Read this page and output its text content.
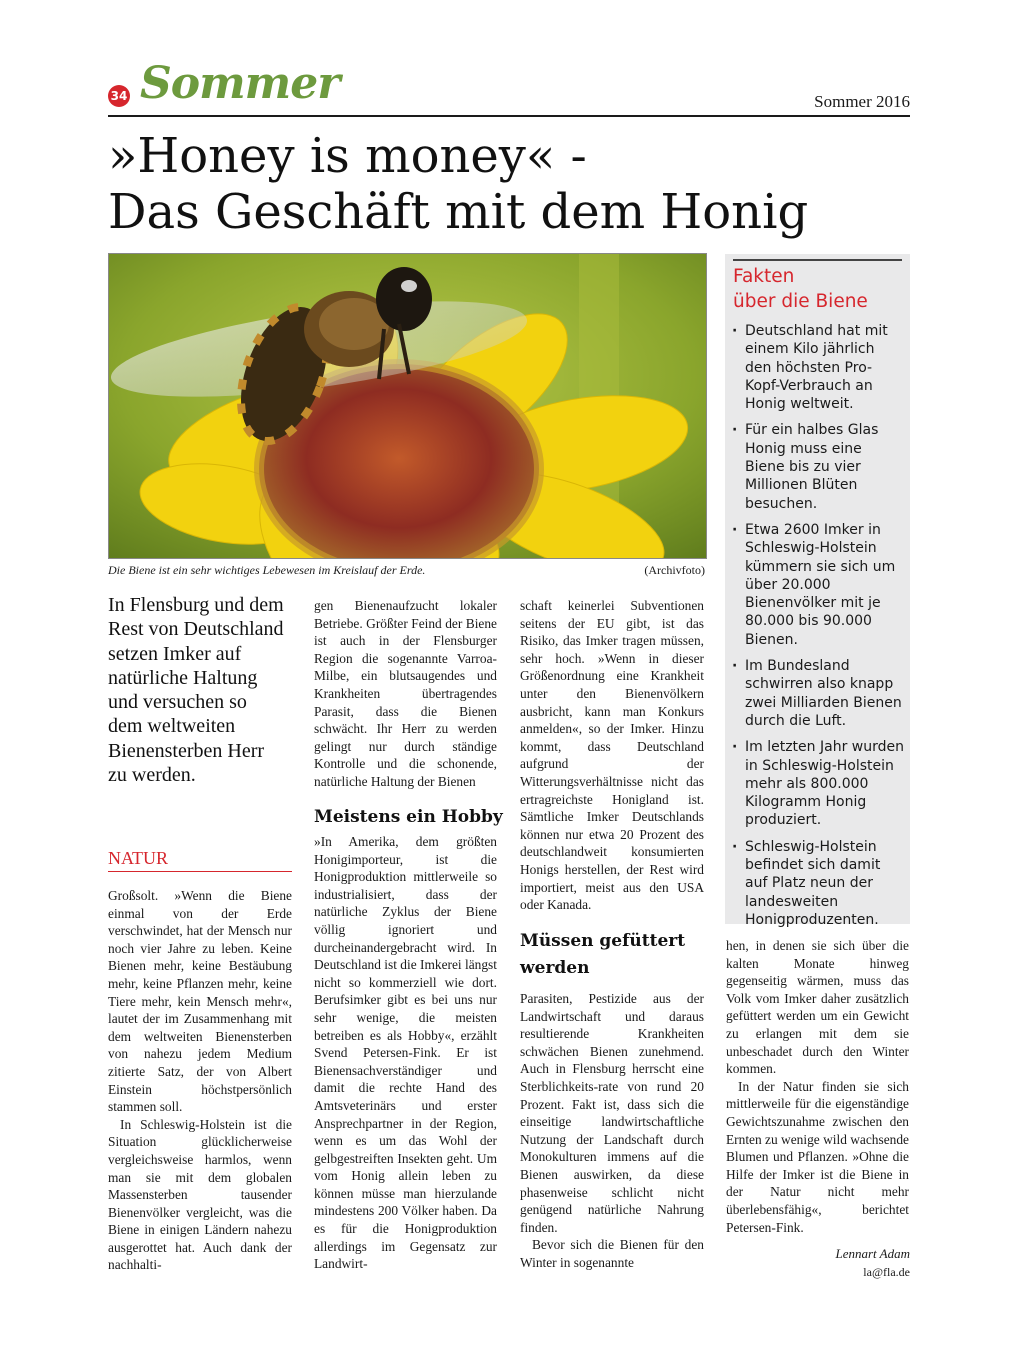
34 Sommer	Sommer 2016
»Honey is money« -
Das Geschäft mit dem Honig
Die Biene ist ein sehr wichtiges Lebewesen im Kreislauf der Erde.	(Archivfoto)

In Flensburg und dem Rest von Deutschland setzen Imker auf natürliche Haltung und versuchen so dem weltweiten Bienensterben Herr zu werden.

NATUR

Großsolt. »Wenn die Biene einmal von der Erde verschwindet, hat der Mensch nur noch vier Jahre zu leben. Keine Bienen mehr, keine Bestäubung mehr, keine Pflanzen mehr, keine Tiere mehr, kein Mensch mehr«, lautet der im Zusammenhang mit dem weltweiten Bienensterben von nahezu jedem Medium zitierte Satz, der von Albert Einstein höchstpersönlich stammen soll.

In Schleswig-Holstein ist die Situation glücklicherweise vergleichsweise harmlos, wenn man sie mit dem globalen Massensterben tausender Bienenvölker vergleicht, was die Biene in einigen Ländern nahezu ausgerottet hat. Auch dank der nachhalti-

gen Bienenaufzucht lokaler Betriebe. Größter Feind der Biene ist auch in der Flensburger Region die sogenannte Varroa-Milbe, ein blutsaugendes und Krankheiten übertragendes Parasit, dass die Bienen schwächt. Ihr Herr zu werden gelingt nur durch ständige Kontrolle und die schonende, natürliche Haltung der Bienen

Meistens ein Hobby

»In Amerika, dem größten Honigimporteur, ist die Honigproduktion mittlerweile so industrialisiert, dass der natürliche Zyklus der Biene völlig ignoriert und durcheinandergebracht wird. In Deutschland ist die Imkerei längst nicht so kommerziell wie dort. Berufsimker gibt es bei uns nur sehr wenige, die meisten betreiben es als Hobby«, erzählt Svend Petersen-Fink. Er ist Bienensachverständiger und damit die rechte Hand des Amtsveterinärs und erster Ansprechpartner in der Region, wenn es um das Wohl der gelbgestreiften Insekten geht. Um vom Honig allein leben zu können müsse man hierzulande mindestens 200 Völker haben. Da es für die Honigproduktion allerdings im Gegensatz zur Landwirt-

schaft keinerlei Subventionen seitens der EU gibt, ist das Risiko, das Imker tragen müssen, sehr hoch. »Wenn in dieser Größenordnung eine Krankheit unter den Bienenvölkern ausbricht, kann man Konkurs anmelden«, so der Imker. Hinzu kommt, dass Deutschland aufgrund der Witterungsverhältnisse nicht das ertragreichste Honigland ist. Sämtliche Imker Deutschlands können nur etwa 20 Prozent des deutschlandweit konsumierten Honigs herstellen, der Rest wird importiert, meist aus den USA oder Kanada.

Müssen gefüttert werden

Parasiten, Pestizide aus der Landwirtschaft und daraus resultierende Krankheiten schwächen Bienen zunehmend. Auch in Flensburg herrscht eine Sterblichkeits-rate von rund 20 Prozent. Fakt ist, dass sich die einseitige landwirtschaftliche Nutzung der Landschaft durch Monokulturen immens auf die Bienen auswirken, da diese phasenweise schlicht nicht genügend natürliche Nahrung finden.

Bevor sich die Bienen für den Winter in sogenannte

hen, in denen sie sich über die kalten Monate hinweg gegenseitig wärmen, muss das Volk vom Imker daher zusätzlich gefüttert werden um ein Gewicht zu erlangen mit dem sie unbeschadet durch den Winter kommen.

In der Natur finden sie sich mittlerweile für die eigenständige Gewichtszunahme zwischen den Ernten zu wenige wild wachsende Blumen und Pflanzen. »Ohne die Hilfe der Imker ist die Biene in der Natur nicht mehr überlebensfähig«, berichtet Petersen-Fink.

Lennart Adam
la@fla.de
Fakten
über die Biene
· Deutschland hat mit einem Kilo jährlich den höchsten Pro-Kopf-Verbrauch an Honig weltweit.
· Für ein halbes Glas Honig muss eine Biene bis zu vier Millionen Blüten besuchen.
· Etwa 2600 Imker in Schleswig-Holstein kümmern sie sich um über 20.000 Bienenvölker mit je 80.000 bis 90.000 Bienen.
· Im Bundesland schwirren also knapp zwei Milliarden Bienen durch die Luft.
· Im letzten Jahr wurden in Schleswig-Holstein mehr als 800.000 Kilogramm Honig produziert.
· Schleswig-Holstein befindet sich damit auf Platz neun der landesweiten Honigproduzenten.
